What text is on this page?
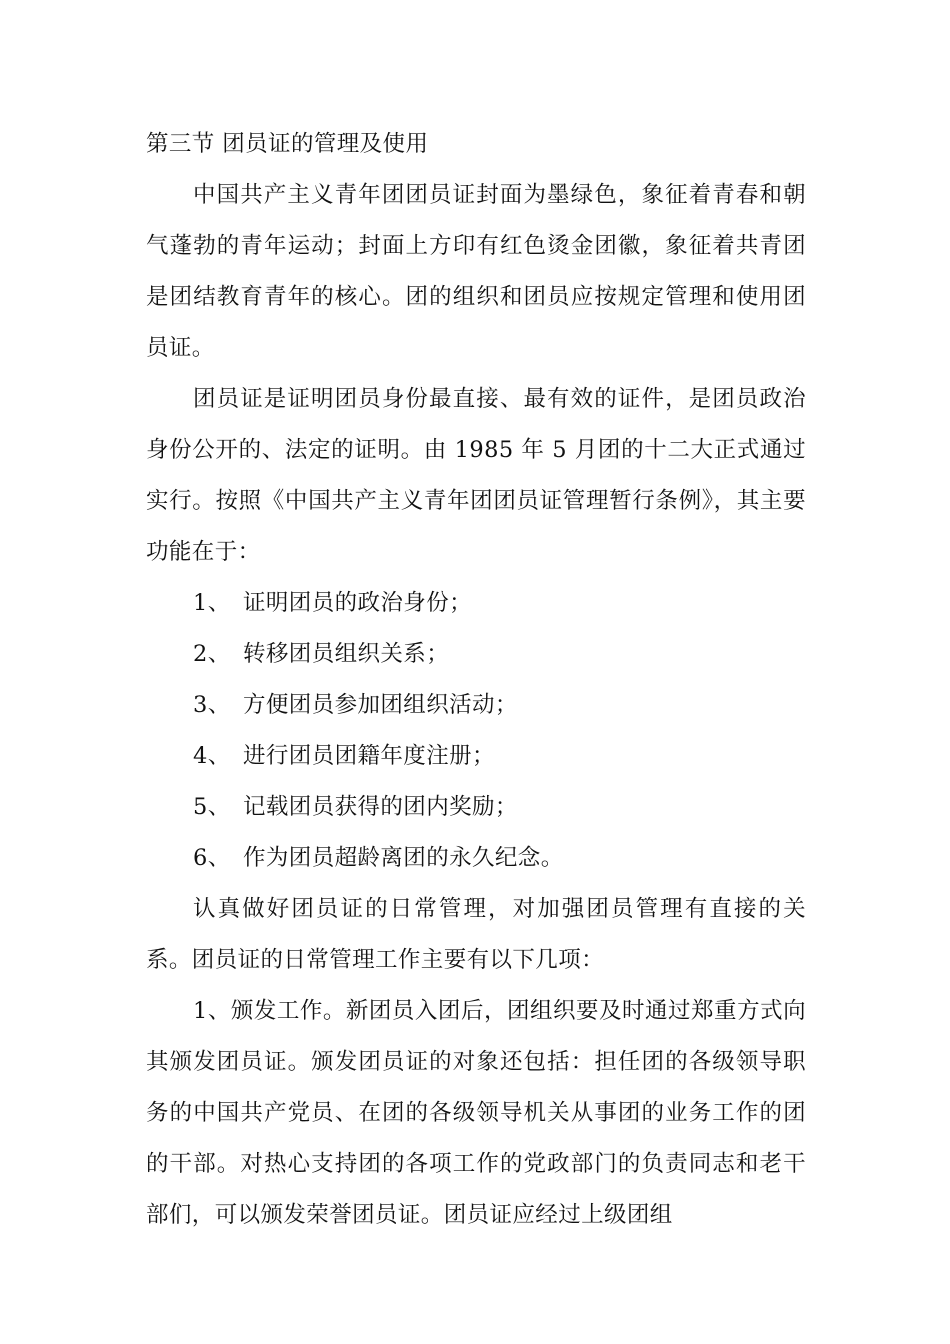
第三节 团员证的管理及使用

中国共产主义青年团团员证封面为墨绿色，象征着青春和朝气蓬勃的青年运动；封面上方印有红色烫金团徽，象征着共青团是团结教育青年的核心。团的组织和团员应按规定管理和使用团员证。

团员证是证明团员身份最直接、最有效的证件，是团员政治身份公开的、法定的证明。由 1985 年 5 月团的十二大正式通过实行。按照《中国共产主义青年团团员证管理暂行条例》，其主要功能在于：

1、 证明团员的政治身份；

2、 转移团员组织关系；

3、 方便团员参加团组织活动；

4、 进行团员团籍年度注册；

5、 记载团员获得的团内奖励；

6、 作为团员超龄离团的永久纪念。

认真做好团员证的日常管理，对加强团员管理有直接的关系。团员证的日常管理工作主要有以下几项：

1、颁发工作。新团员入团后，团组织要及时通过郑重方式向其颁发团员证。颁发团员证的对象还包括：担任团的各级领导职务的中国共产党员、在团的各级领导机关从事团的业务工作的团的干部。对热心支持团的各项工作的党政部门的负责同志和老干部们，可以颁发荣誉团员证。团员证应经过上级团组
